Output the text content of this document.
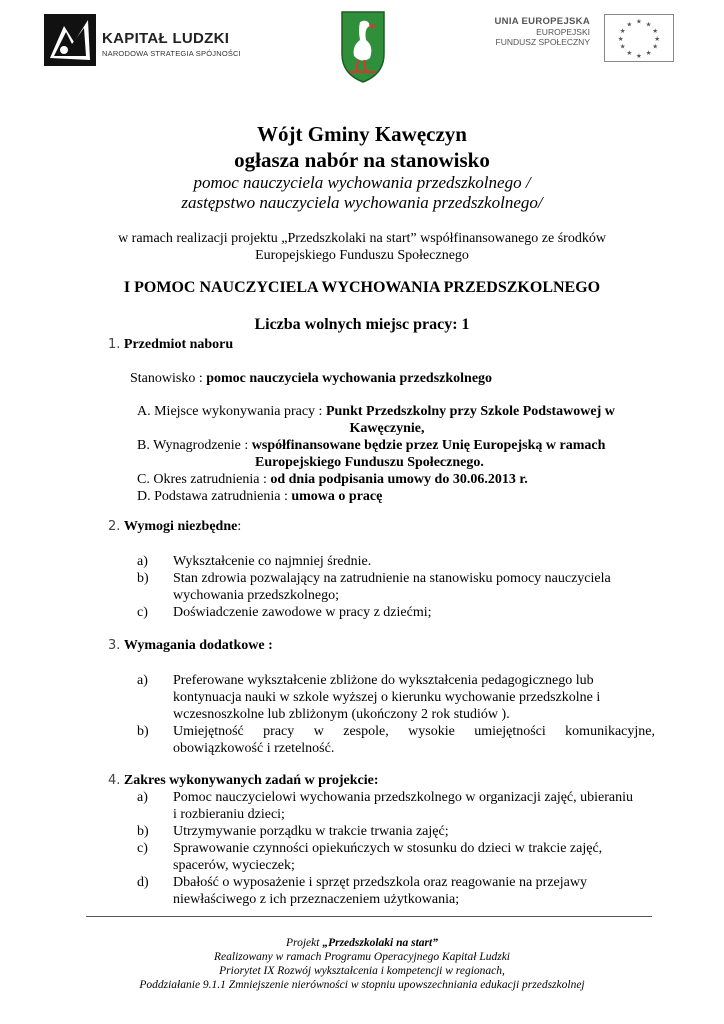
KAPITAŁ LUDZKI
NARODOWA STRATEGIA SPÓJNOŚCI
UNIA EUROPEJSKA
EUROPEJSKI
FUNDUSZ SPOŁECZNY
★ ★
★
★
★
★
★
★
★
★
★
★
Wójt Gminy Kawęczyn
ogłasza nabór na stanowisko
pomoc nauczyciela wychowania przedszkolnego /
zastępstwo nauczyciela wychowania przedszkolnego/
w ramach realizacji projektu „Przedszkolaki na start” współfinansowanego ze środków
Europejskiego Funduszu Społecznego
I POMOC NAUCZYCIELA WYCHOWANIA PRZEDSZKOLNEGO
Liczba wolnych miejsc pracy: 1
1. Przedmiot naboru
Stanowisko : pomoc nauczyciela wychowania przedszkolnego
A. Miejsce wykonywania pracy : Punkt Przedszkolny przy Szkole Podstawowej w
Kawęczynie,
B. Wynagrodzenie : współfinansowane będzie przez Unię Europejską w ramach
Europejskiego Funduszu Społecznego.
C. Okres zatrudnienia : od dnia podpisania umowy do 30.06.2013 r.
D. Podstawa zatrudnienia : umowa o pracę
2. Wymogi niezbędne:
a) Wykształcenie co najmniej średnie.
b) Stan zdrowia pozwalający na zatrudnienie na stanowisku pomocy nauczyciela
wychowania przedszkolnego;
c) Doświadczenie zawodowe w pracy z dziećmi;
3. Wymagania dodatkowe :
a) Preferowane wykształcenie zbliżone do wykształcenia pedagogicznego lub
kontynuacja nauki w szkole wyższej o kierunku wychowanie przedszkolne i
wczesnoszkolne lub zbliżonym (ukończony 2 rok studiów ).
b)	Umiejętność pracy w zespole, wysokie umiejętności komunikacyjne,
obowiązkowość i rzetelność.
4. Zakres wykonywanych zadań w projekcie:
a) Pomoc nauczycielowi wychowania przedszkolnego w organizacji zajęć, ubieraniu
i rozbieraniu dzieci;
b) Utrzymywanie porządku w trakcie trwania zajęć;
c) Sprawowanie czynności opiekuńczych w stosunku do dzieci w trakcie zajęć,
spacerów, wycieczek;
d) Dbałość o wyposażenie i sprzęt przedszkola oraz reagowanie na przejawy
niewłaściwego z ich przeznaczeniem użytkowania;
Projekt „Przedszkolaki na start”
Realizowany w ramach Programu Operacyjnego Kapitał Ludzki
Priorytet IX Rozwój wykształcenia i kompetencji w regionach,
Poddziałanie 9.1.1 Zmniejszenie nierówności w stopniu upowszechniania edukacji przedszkolnej
